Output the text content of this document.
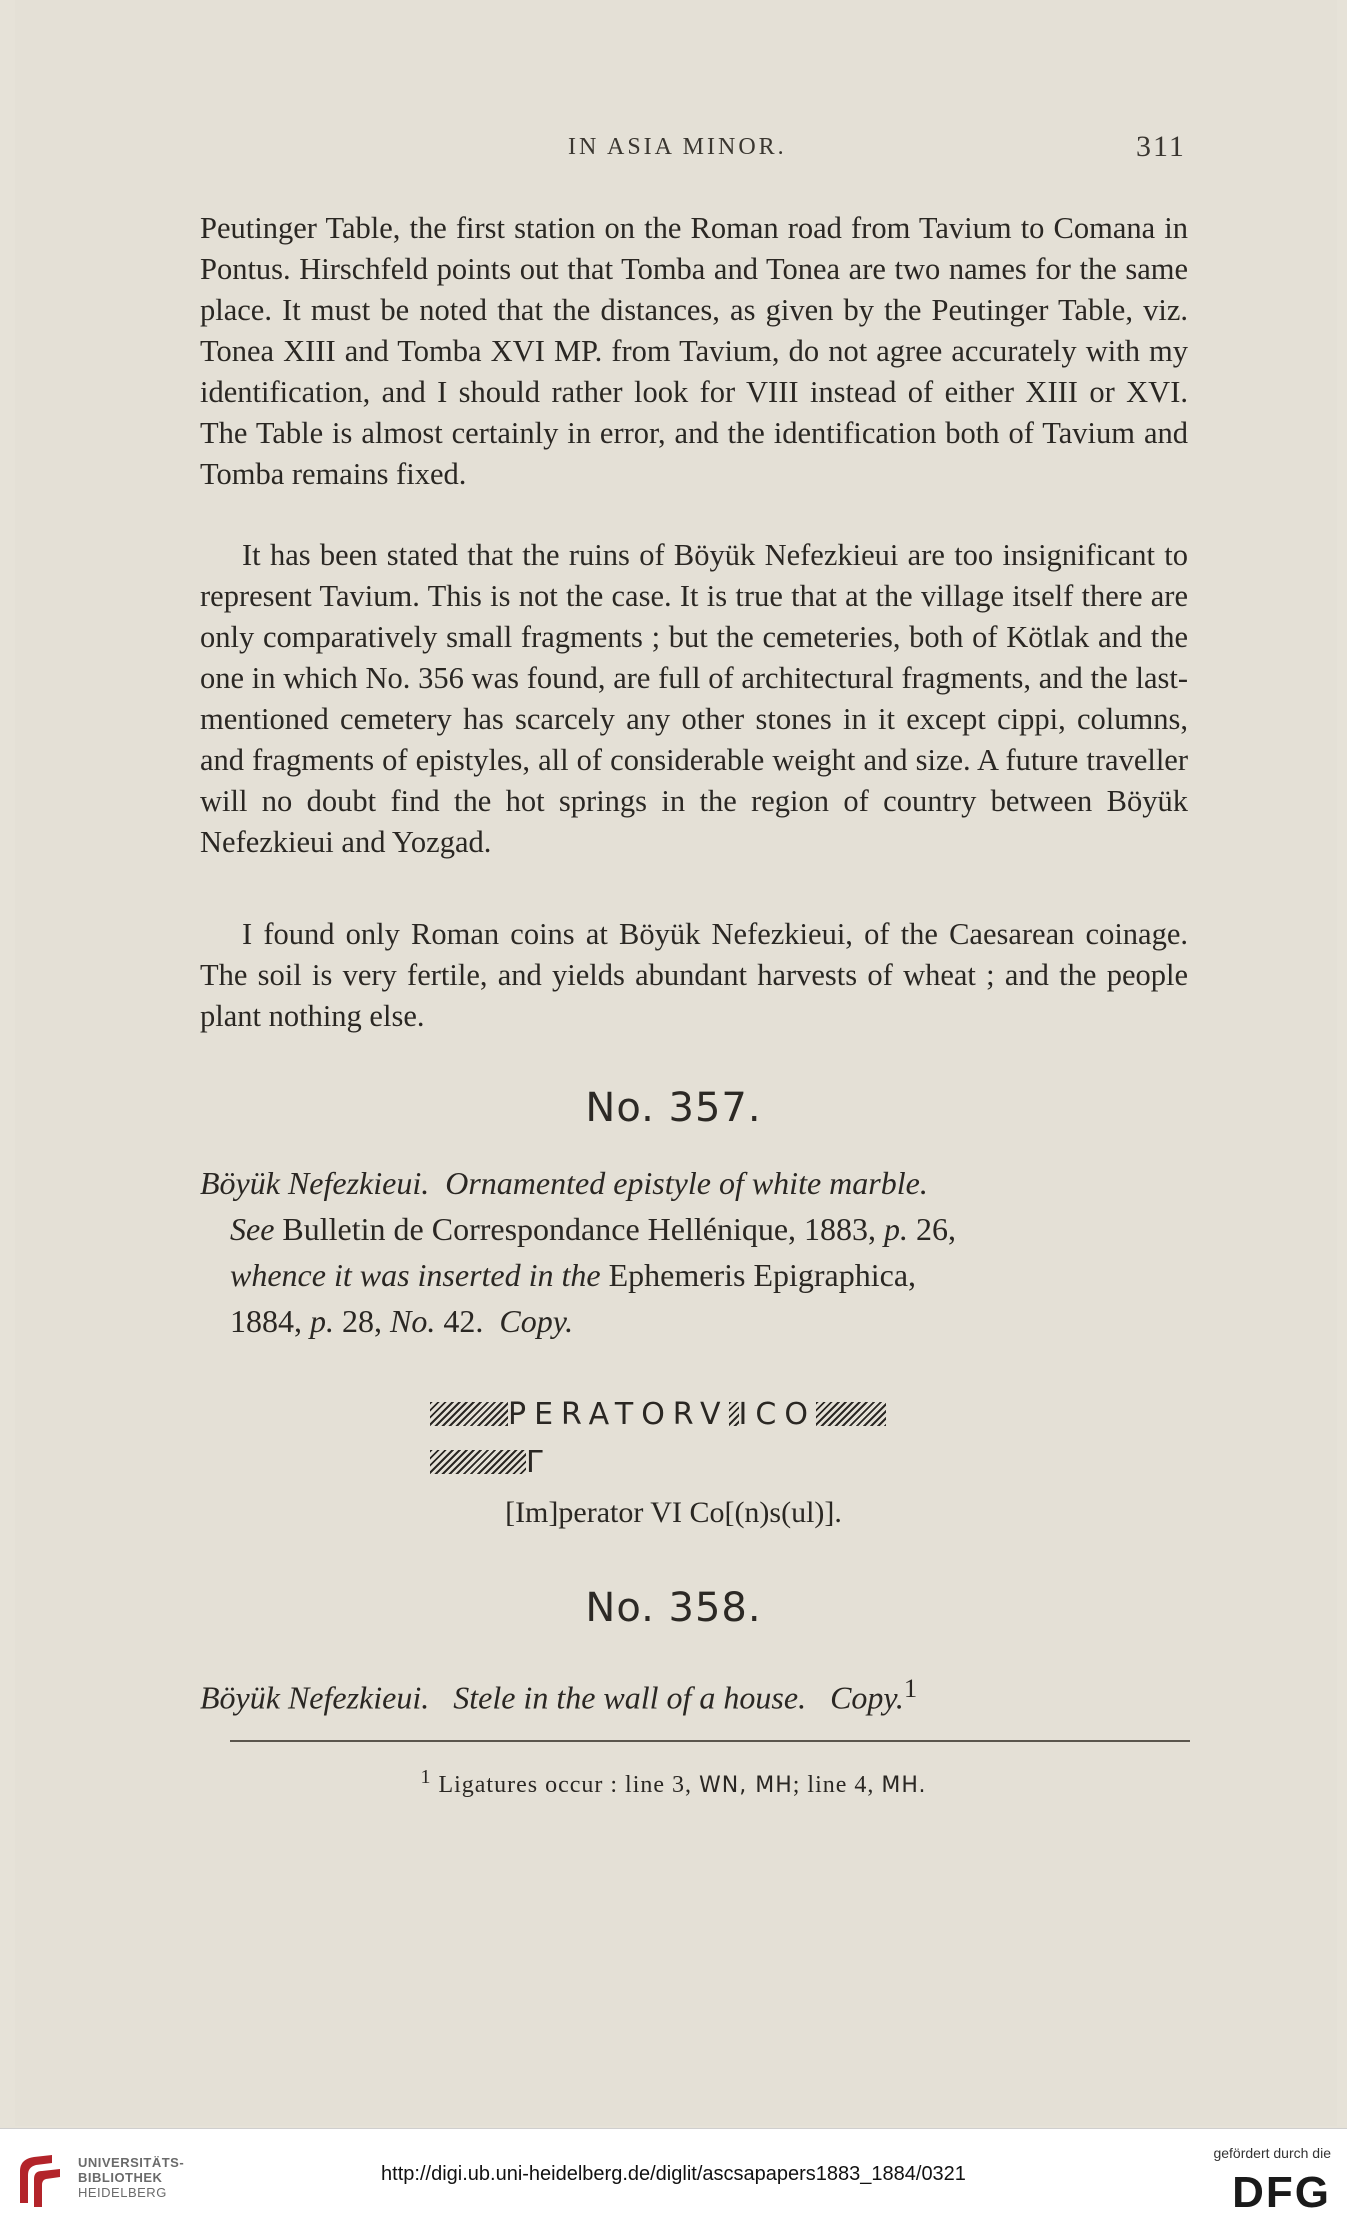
IN ASIA MINOR.	311

Peutinger Table, the first station on the Roman road from Tavium to Comana in Pontus. Hirschfeld points out that Tomba and Tonea are two names for the same place. It must be noted that the distances, as given by the Peutinger Table, viz. Tonea XIII and Tomba XVI MP. from Tavium, do not agree accurately with my identification, and I should rather look for VIII instead of either XIII or XVI. The Table is almost certainly in error, and the identification both of Tavium and Tomba remains fixed.

It has been stated that the ruins of Böyük Nefezkieui are too insignificant to represent Tavium. This is not the case. It is true that at the village itself there are only comparatively small fragments ; but the cemeteries, both of Kötlak and the one in which No. 356 was found, are full of architectural fragments, and the last-mentioned cemetery has scarcely any other stones in it except cippi, columns, and fragments of epistyles, all of considerable weight and size. A future traveller will no doubt find the hot springs in the region of country between Böyük Nefezkieui and Yozgad.

I found only Roman coins at Böyük Nefezkieui, of the Caesarean coinage. The soil is very fertile, and yields abundant harvests of wheat ; and the people plant nothing else.

No. 357.

Böyük Nefezkieui. Ornamented epistyle of white marble.
See Bulletin de Correspondance Hellénique, 1883, p. 26,
whence it was inserted in the Ephemeris Epigraphica,
1884, p. 28, No. 42. Copy.

PERATORV ICO
Γ
[Im]perator VI Co[(n)s(ul)].
No. 358.

Böyük Nefezkieui. Stele in the wall of a house. Copy.$^1$

$^1$ Ligatures occur : line 3, WN, MH; line 4, MH.

UNIVERSITÄTS-
BIBLIOTHEK
HEIDELBERG

http://digi.ub.uni-heidelberg.de/diglit/ascsapapers1883_1884/0321
gefördert durch die
DFG
